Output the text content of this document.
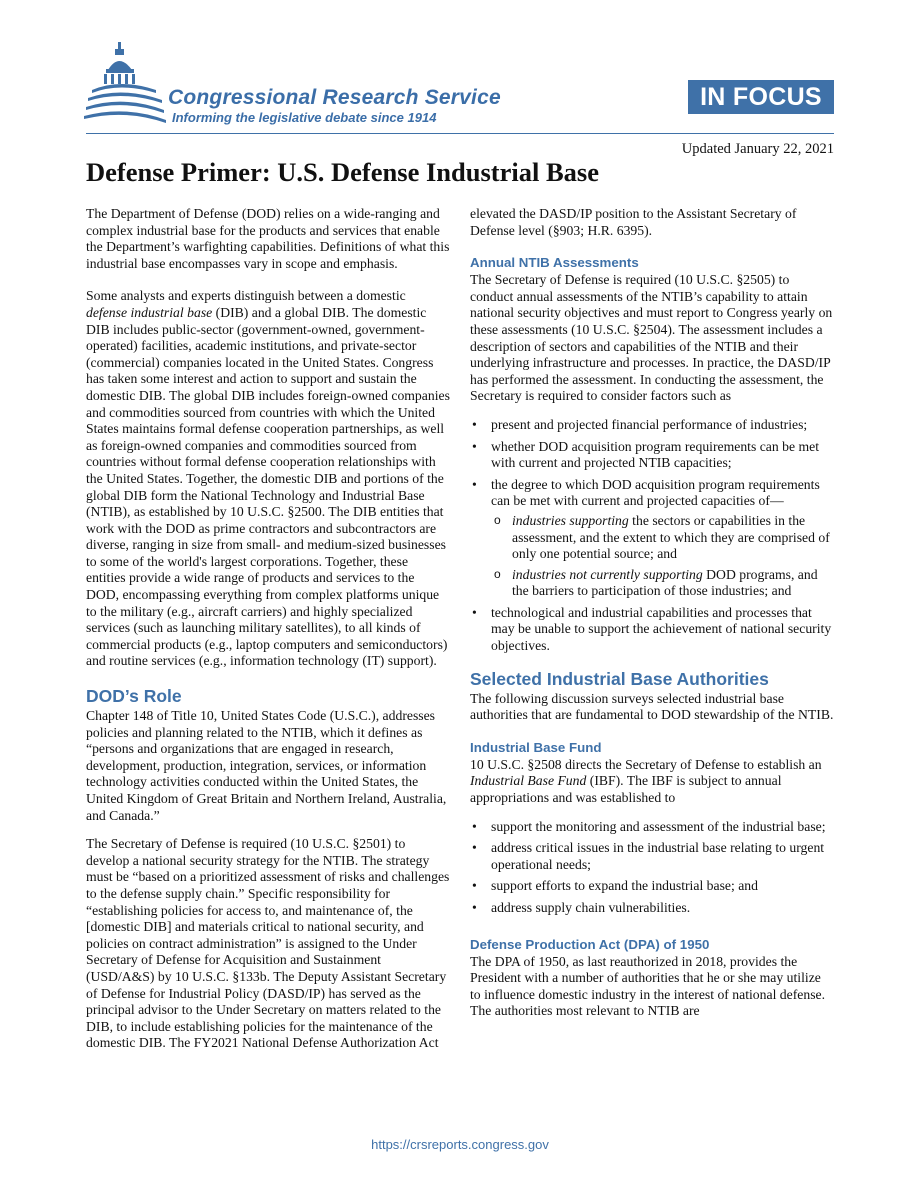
Congressional Research Service
Informing the legislative debate since 1914
IN FOCUS
Updated January 22, 2021
Defense Primer: U.S. Defense Industrial Base

The Department of Defense (DOD) relies on a wide-ranging and complex industrial base for the products and services that enable the Department’s warfighting capabilities. Definitions of what this industrial base encompasses vary in scope and emphasis.

Some analysts and experts distinguish between a domestic defense industrial base (DIB) and a global DIB. The domestic DIB includes public-sector (government-owned, government-operated) facilities, academic institutions, and private-sector (commercial) companies located in the United States. Congress has taken some interest and action to support and sustain the domestic DIB. The global DIB includes foreign-owned companies and commodities sourced from countries with which the United States maintains formal defense cooperation partnerships, as well as foreign-owned companies and commodities sourced from countries without formal defense cooperation relationships with the United States. Together, the domestic DIB and portions of the global DIB form the National Technology and Industrial Base (NTIB), as established by 10 U.S.C. §2500. The DIB entities that work with the DOD as prime contractors and subcontractors are diverse, ranging in size from small- and medium-sized businesses to some of the world's largest corporations. Together, these entities provide a wide range of products and services to the DOD, encompassing everything from complex platforms unique to the military (e.g., aircraft carriers) and highly specialized services (such as launching military satellites), to all kinds of commercial products (e.g., laptop computers and semiconductors) and routine services (e.g., information technology (IT) support).

DOD’s Role

Chapter 148 of Title 10, United States Code (U.S.C.), addresses policies and planning related to the NTIB, which it defines as “persons and organizations that are engaged in research, development, production, integration, services, or information technology activities conducted within the United States, the United Kingdom of Great Britain and Northern Ireland, Australia, and Canada.”

The Secretary of Defense is required (10 U.S.C. §2501) to develop a national security strategy for the NTIB. The strategy must be “based on a prioritized assessment of risks and challenges to the defense supply chain.” Specific responsibility for “establishing policies for access to, and maintenance of, the [domestic DIB] and materials critical to national security, and policies on contract administration” is assigned to the Under Secretary of Defense for Acquisition and Sustainment (USD/A&S) by 10 U.S.C. §133b. The Deputy Assistant Secretary of Defense for Industrial Policy (DASD/IP) has served as the principal advisor to the Under Secretary on matters related to the DIB, to include establishing policies for the maintenance of the domestic DIB. The FY2021 National Defense Authorization Act

elevated the DASD/IP position to the Assistant Secretary of Defense level (§903; H.R. 6395).

Annual NTIB Assessments

The Secretary of Defense is required (10 U.S.C. §2505) to conduct annual assessments of the NTIB’s capability to attain national security objectives and must report to Congress yearly on these assessments (10 U.S.C. §2504). The assessment includes a description of sectors and capabilities of the NTIB and their underlying infrastructure and processes. In practice, the DASD/IP has performed the assessment. In conducting the assessment, the Secretary is required to consider factors such as

• present and projected financial performance of industries;
• whether DOD acquisition program requirements can be met with current and projected NTIB capacities;
• the degree to which DOD acquisition program requirements can be met with current and projected capacities of—
o industries supporting the sectors or capabilities in the assessment, and the extent to which they are comprised of only one potential source; and
o industries not currently supporting DOD programs, and the barriers to participation of those industries; and
• technological and industrial capabilities and processes that may be unable to support the achievement of national security objectives.
Selected Industrial Base Authorities

The following discussion surveys selected industrial base authorities that are fundamental to DOD stewardship of the NTIB.

Industrial Base Fund

10 U.S.C. §2508 directs the Secretary of Defense to establish an Industrial Base Fund (IBF). The IBF is subject to annual appropriations and was established to

• support the monitoring and assessment of the industrial base;
• address critical issues in the industrial base relating to urgent operational needs;
• support efforts to expand the industrial base; and
• address supply chain vulnerabilities.
Defense Production Act (DPA) of 1950

The DPA of 1950, as last reauthorized in 2018, provides the President with a number of authorities that he or she may utilize to influence domestic industry in the interest of national defense. The authorities most relevant to NTIB are

https://crsreports.congress.gov
